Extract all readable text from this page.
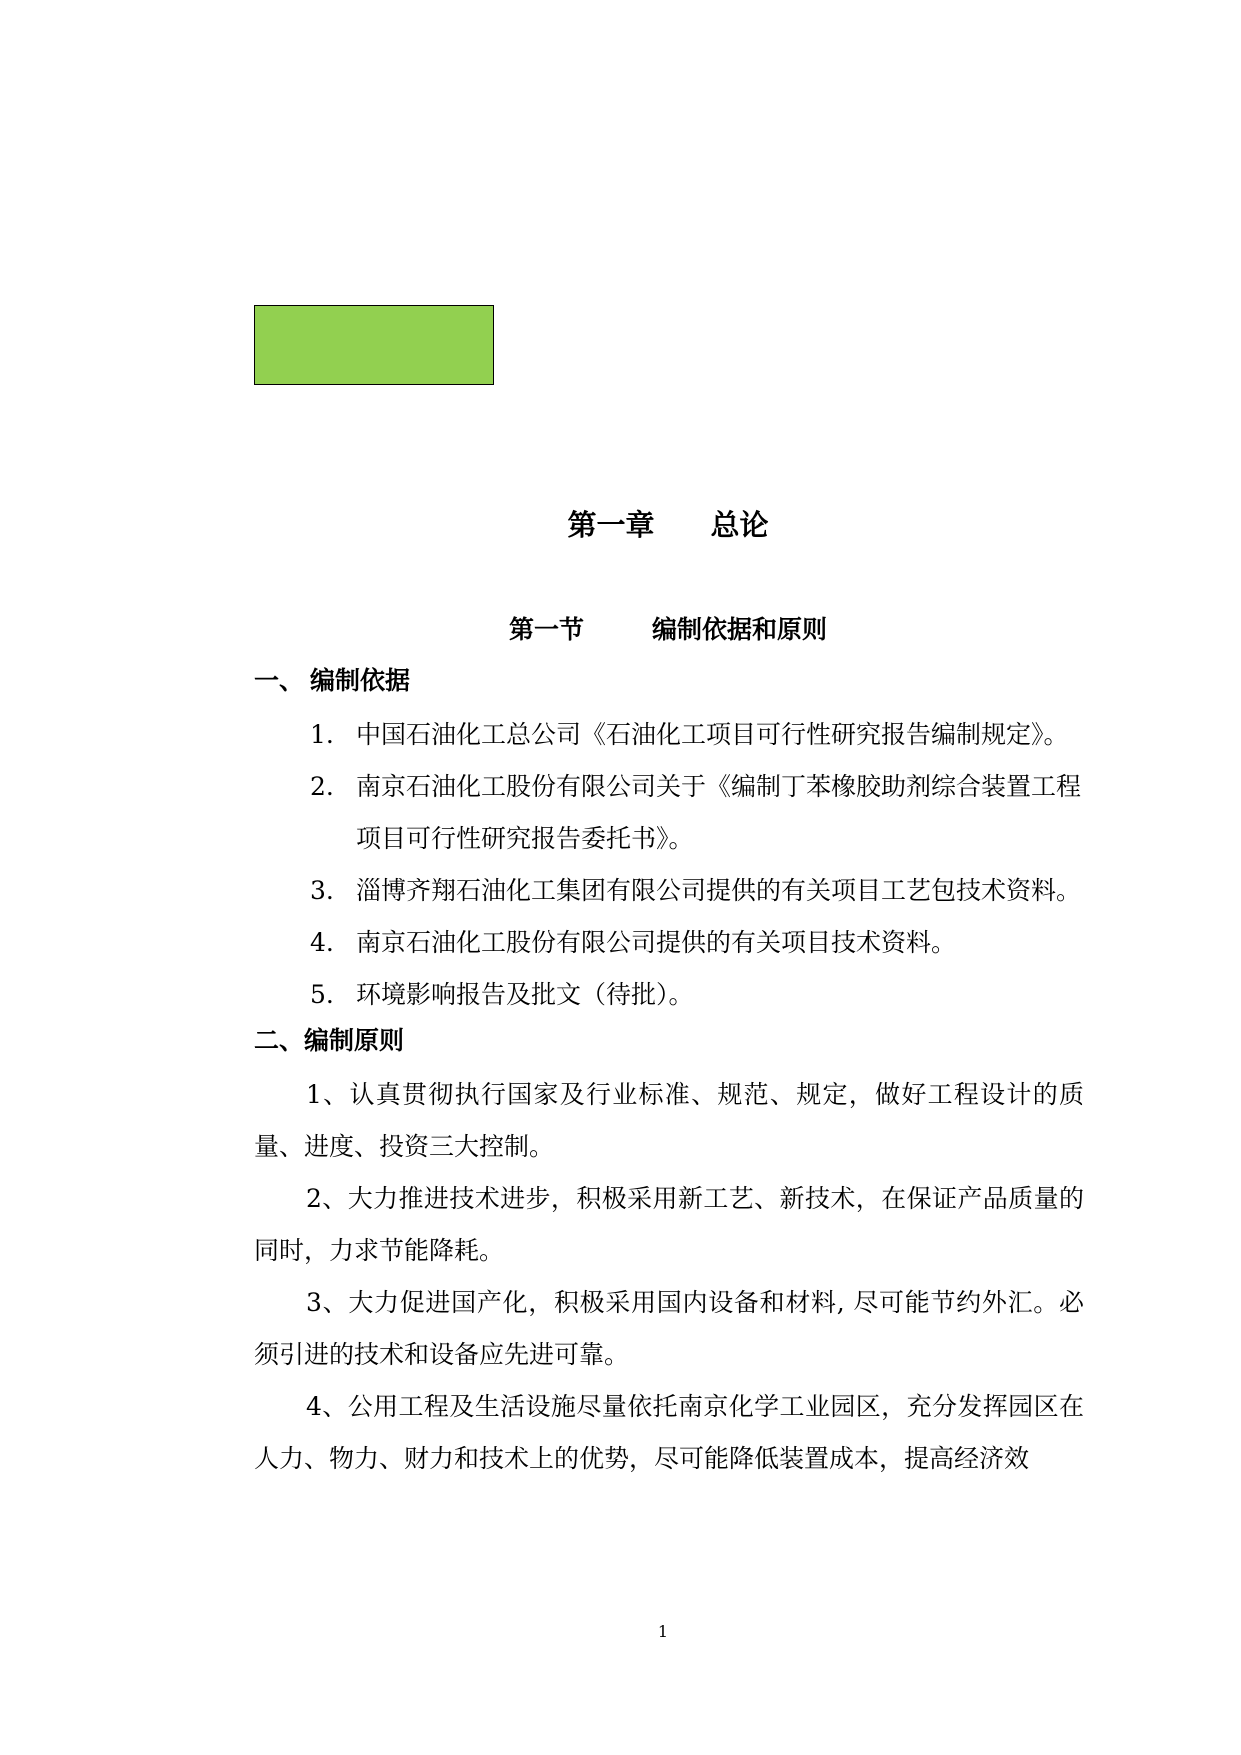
第一章 总论
第一节	编制依据和原则
一、 编制依据
1. 中国石油化工总公司《石油化工项目可行性研究报告编制规定》。
2. 南京石油化工股份有限公司关于《编制丁苯橡胶助剂综合装置工程项目可行性研究报告委托书》。
3. 淄博齐翔石油化工集团有限公司提供的有关项目工艺包技术资料。
4. 南京石油化工股份有限公司提供的有关项目技术资料。
5. 环境影响报告及批文（待批）。
二、编制原则
1、认真贯彻执行国家及行业标准、规范、规定，做好工程设计的质量、进度、投资三大控制。
2、大力推进技术进步，积极采用新工艺、新技术，在保证产品质量的同时，力求节能降耗。
3、大力促进国产化，积极采用国内设备和材料, 尽可能节约外汇。必须引进的技术和设备应先进可靠。
4、公用工程及生活设施尽量依托南京化学工业园区，充分发挥园区在人力、物力、财力和技术上的优势，尽可能降低装置成本，提高经济效
1
